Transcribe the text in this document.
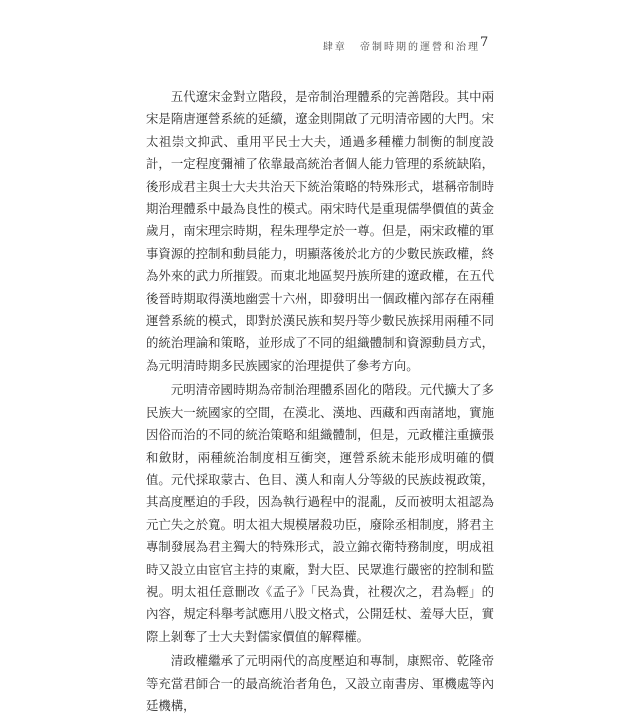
肆章 帝制時期的運營和治理 7

五代遼宋金對立階段，是帝制治理體系的完善階段。其中兩宋是隋唐運營系統的延續，遼金則開啟了元明清帝國的大門。宋太祖崇文抑武、重用平民士大夫，通過多種權力制衡的制度設計，一定程度彌補了依靠最高統治者個人能力管理的系統缺陷，後形成君主與士大夫共治天下統治策略的特殊形式，堪稱帝制時期治理體系中最為良性的模式。兩宋時代是重現儒學價值的黃金歲月，南宋理宗時期，程朱理學定於一尊。但是，兩宋政權的軍事資源的控制和動員能力，明顯落後於北方的少數民族政權，終為外來的武力所摧毀。而東北地區契丹族所建的遼政權，在五代後晉時期取得漢地幽雲十六州，即發明出一個政權內部存在兩種運營系統的模式，即對於漢民族和契丹等少數民族採用兩種不同的統治理論和策略，並形成了不同的組織體制和資源動員方式，為元明清時期多民族國家的治理提供了參考方向。

元明清帝國時期為帝制治理體系固化的階段。元代擴大了多民族大一統國家的空間，在漠北、漢地、西藏和西南諸地，實施因俗而治的不同的統治策略和組織體制，但是，元政權注重擴張和斂財，兩種統治制度相互衝突，運營系統未能形成明確的價值。元代採取蒙古、色目、漢人和南人分等級的民族歧視政策，其高度壓迫的手段，因為執行過程中的混亂，反而被明太祖認為元亡失之於寬。明太祖大規模屠殺功臣，廢除丞相制度，將君主專制發展為君主獨大的特殊形式，設立錦衣衛特務制度，明成祖時又設立由宦官主持的東廠，對大臣、民眾進行嚴密的控制和監視。明太祖任意刪改《孟子》「民為貴，社稷次之，君為輕」的內容，規定科舉考試應用八股文格式，公開廷杖、羞辱大臣，實際上剝奪了士大夫對儒家價值的解釋權。

清政權繼承了元明兩代的高度壓迫和專制，康熙帝、乾隆帝等充當君師合一的最高統治者角色，又設立南書房、軍機處等內廷機構，
